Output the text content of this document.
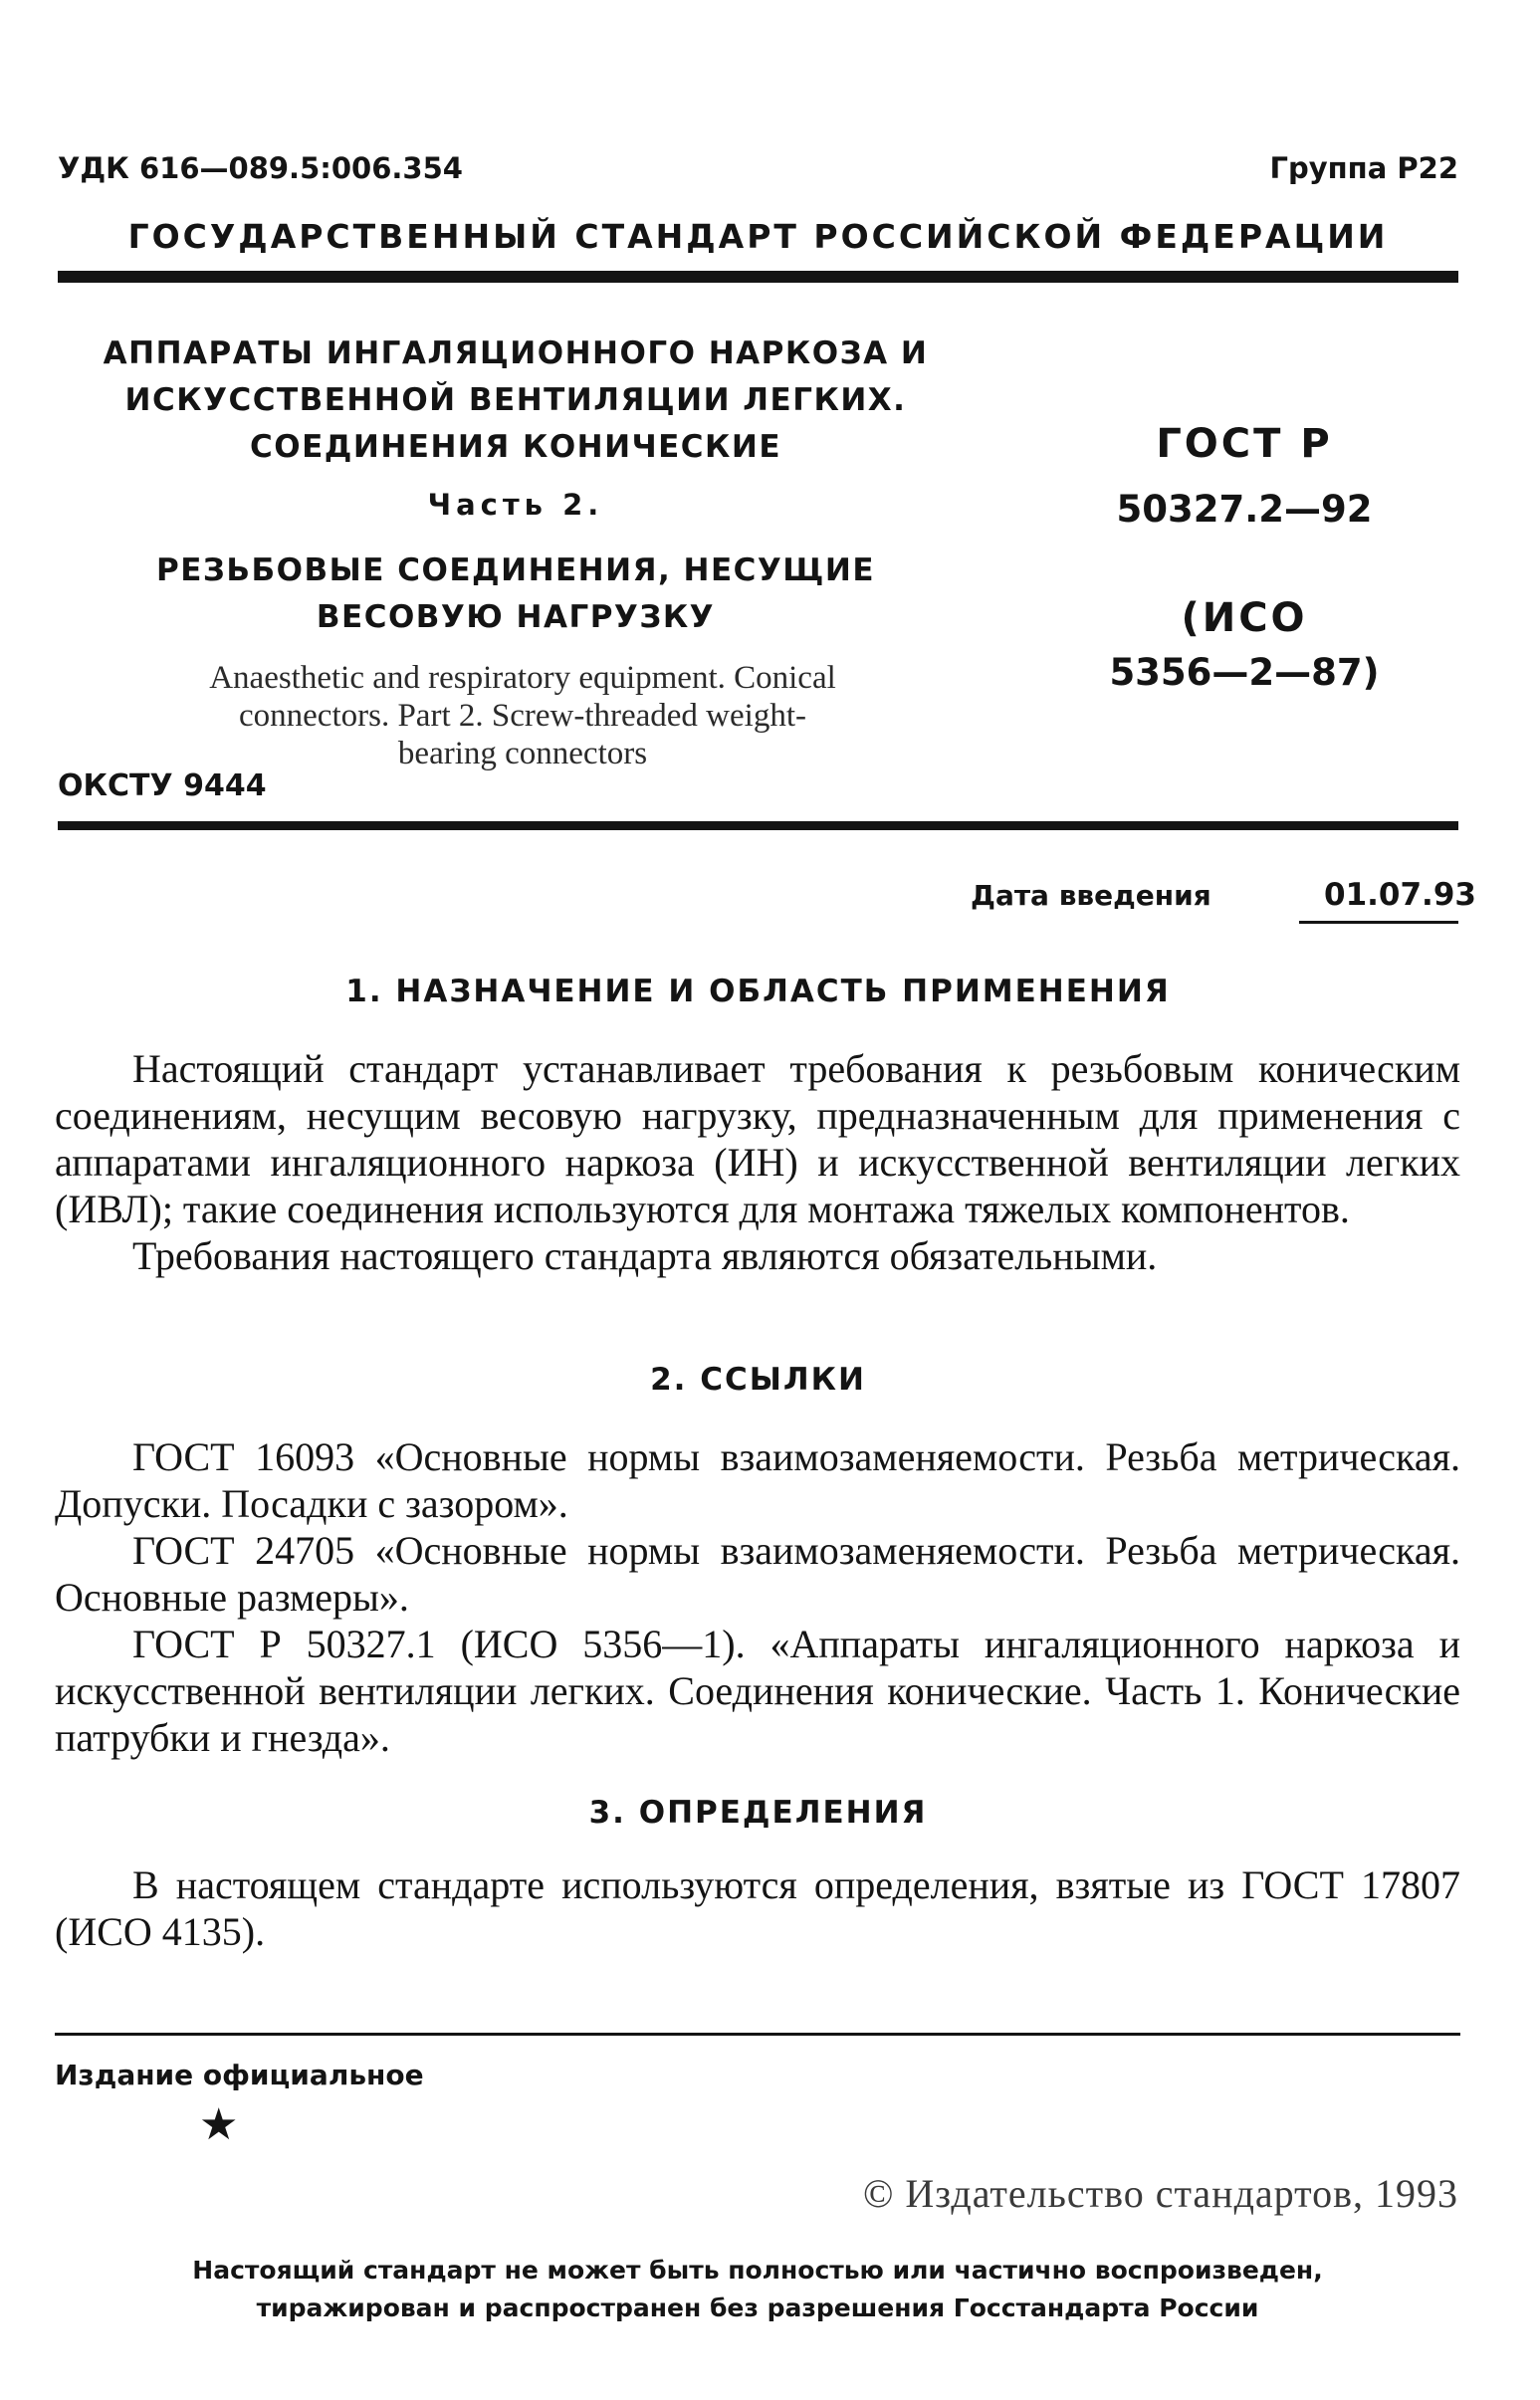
УДК 616—089.5:006.354	Группа Р22
ГОСУДАРСТВЕННЫЙ СТАНДАРТ РОССИЙСКОЙ ФЕДЕРАЦИИ
АППАРАТЫ ИНГАЛЯЦИОННОГО НАРКОЗА И
ИСКУССТВЕННОЙ ВЕНТИЛЯЦИИ ЛЕГКИХ.
СОЕДИНЕНИЯ КОНИЧЕСКИЕ
Часть 2.
РЕЗЬБОВЫЕ СОЕДИНЕНИЯ, НЕСУЩИЕ
ВЕСОВУЮ НАГРУЗКУ
Anaesthetic and respiratory equipment. Conical
connectors. Part 2. Screw-threaded weight-
bearing connectors
ОКСТУ 9444
ГОСТ Р
50327.2—92
(ИСО
5356—2—87)
Дата введения	01.07.93
1. НАЗНАЧЕНИЕ И ОБЛАСТЬ ПРИМЕНЕНИЯ
Настоящий стандарт устанавливает требования к резьбовым коническим соединениям, несущим весовую нагрузку, предназначенным для применения с аппаратами ингаляционного наркоза (ИН) и искусственной вентиляции легких (ИВЛ); такие соединения используются для монтажа тяжелых компонентов.
Требования настоящего стандарта являются обязательными.
2. ССЫЛКИ
ГОСТ 16093 «Основные нормы взаимозаменяемости. Резьба метрическая. Допуски. Посадки с зазором».
ГОСТ 24705 «Основные нормы взаимозаменяемости. Резьба метрическая. Основные размеры».
ГОСТ Р 50327.1 (ИСО 5356—1). «Аппараты ингаляционного наркоза и искусственной вентиляции легких. Соединения конические. Часть 1. Конические патрубки и гнезда».
3. ОПРЕДЕЛЕНИЯ
В настоящем стандарте используются определения, взятые из ГОСТ 17807 (ИСО 4135).
Издание официальное
★
© Издательство стандартов, 1993
Настоящий стандарт не может быть полностью или частично воспроизведен,
тиражирован и распространен без разрешения Госстандарта России
